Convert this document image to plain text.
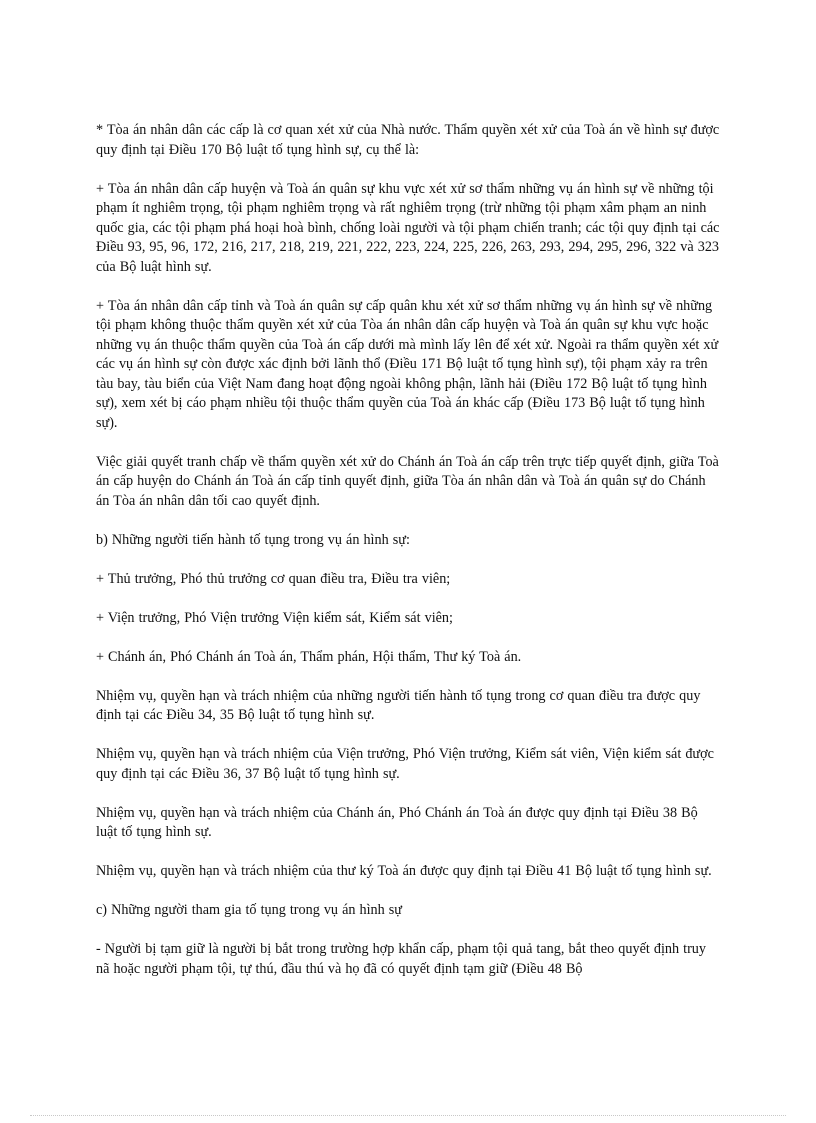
* Tòa án nhân dân các cấp là cơ quan xét xử của Nhà nước. Thẩm quyền xét xử của Toà án về hình sự được quy định tại Điều 170 Bộ luật tố tụng hình sự, cụ thể là:

+ Tòa án nhân dân cấp huyện và Toà án quân sự khu vực xét xử sơ thẩm những vụ án hình sự về những tội phạm ít nghiêm trọng, tội phạm nghiêm trọng và rất nghiêm trọng (trừ những tội phạm xâm phạm an ninh quốc gia, các tội phạm phá hoại hoà bình, chống loài người và tội phạm chiến tranh; các tội quy định tại các Điều 93, 95, 96, 172, 216, 217, 218, 219, 221, 222, 223, 224, 225, 226, 263, 293, 294, 295, 296, 322 và 323 của Bộ luật hình sự.

+ Tòa án nhân dân cấp tỉnh và Toà án quân sự cấp quân khu xét xử sơ thẩm những vụ án hình sự về những tội phạm không thuộc thẩm quyền xét xử của Tòa án nhân dân cấp huyện và Toà án quân sự khu vực hoặc những vụ án thuộc thẩm quyền của Toà án cấp dưới mà mình lấy lên để xét xử. Ngoài ra thẩm quyền xét xử các vụ án hình sự còn được xác định bởi lãnh thổ (Điều 171 Bộ luật tố tụng hình sự), tội phạm xảy ra trên tàu bay, tàu biển của Việt Nam đang hoạt động ngoài không phận, lãnh hải (Điều 172 Bộ luật tố tụng hình sự), xem xét bị cáo phạm nhiều tội thuộc thẩm quyền của Toà án khác cấp (Điều 173 Bộ luật tố tụng hình sự).

Việc giải quyết tranh chấp về thẩm quyền xét xử do Chánh án Toà án cấp trên trực tiếp quyết định, giữa Toà án cấp huyện do Chánh án Toà án cấp tỉnh quyết định, giữa Tòa án nhân dân và Toà án quân sự do Chánh án Tòa án nhân dân tối cao quyết định.

b) Những người tiến hành tố tụng trong vụ án hình sự:

+ Thủ trưởng, Phó thủ trưởng cơ quan điều tra, Điều tra viên;

+ Viện trưởng, Phó Viện trưởng Viện kiểm sát, Kiểm sát viên;

+ Chánh án, Phó Chánh án Toà án, Thẩm phán, Hội thẩm, Thư ký Toà án.

Nhiệm vụ, quyền hạn và trách nhiệm của những người tiến hành tố tụng trong cơ quan điều tra được quy định tại các Điều 34, 35 Bộ luật tố tụng hình sự.

Nhiệm vụ, quyền hạn và trách nhiệm của Viện trưởng, Phó Viện trưởng, Kiểm sát viên, Viện kiểm sát được quy định tại các Điều 36, 37 Bộ luật tố tụng hình sự.

Nhiệm vụ, quyền hạn và trách nhiệm của Chánh án, Phó Chánh án Toà án được quy định tại Điều 38 Bộ luật tố tụng hình sự.

Nhiệm vụ, quyền hạn và trách nhiệm của thư ký Toà án được quy định tại Điều 41 Bộ luật tố tụng hình sự.

c) Những người tham gia tố tụng trong vụ án hình sự

- Người bị tạm giữ là người bị bắt trong trường hợp khẩn cấp, phạm tội quả tang, bắt theo quyết định truy nã hoặc người phạm tội, tự thú, đầu thú và họ đã có quyết định tạm giữ (Điều 48 Bộ
